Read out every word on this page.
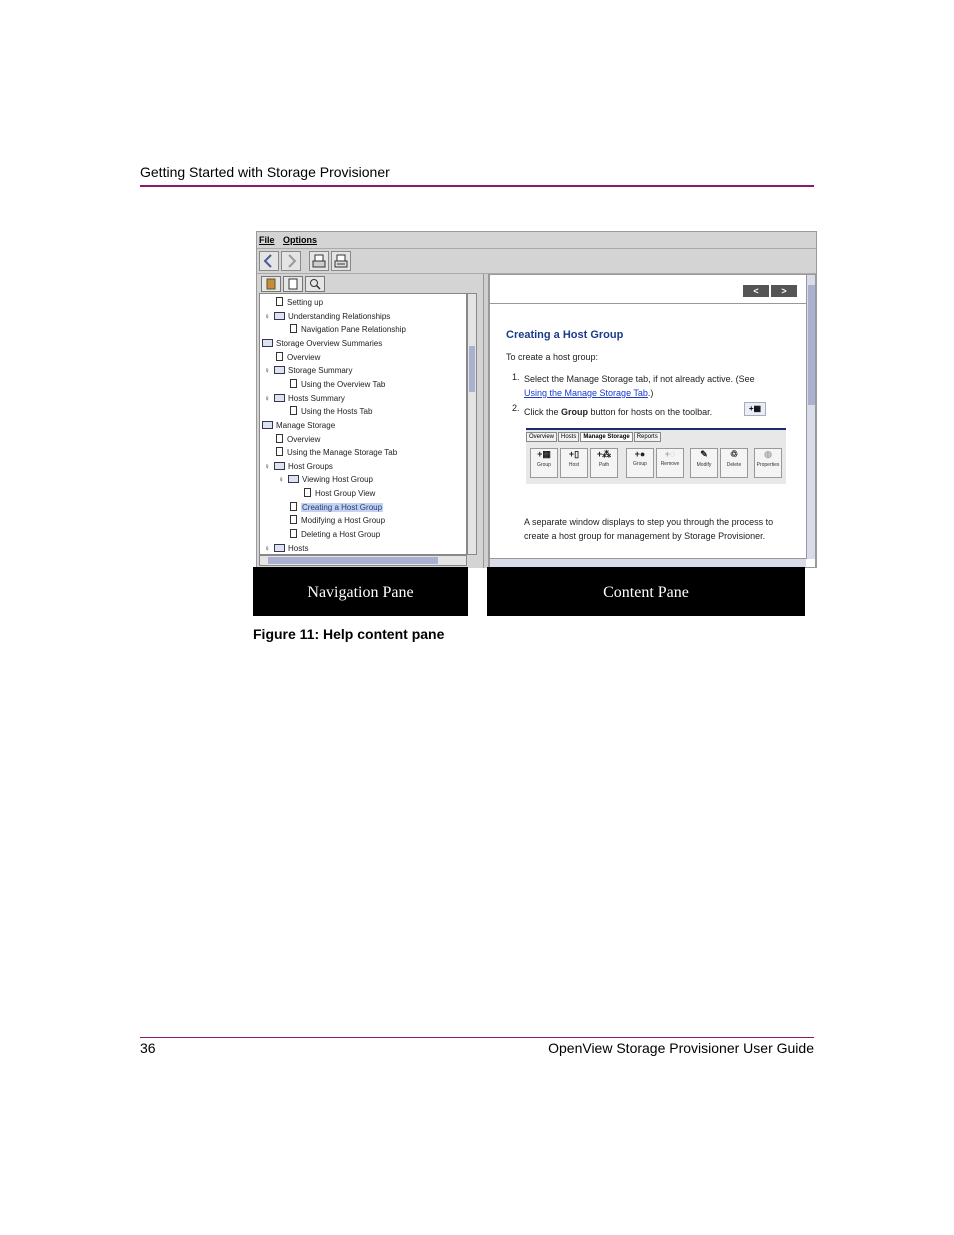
Getting Started with Storage Provisioner
File Options
Setting up
♀ Understanding Relationships
Navigation Pane Relationship
Storage Overview Summaries
Overview
♀ Storage Summary
Using the Overview Tab
♀ Hosts Summary
Using the Hosts Tab
Manage Storage
Overview
Using the Manage Storage Tab
♀ Host Groups
♀ Viewing Host Group
Host Group View
Creating a Host Group
Modifying a Host Group
Deleting a Host Group
♀ Hosts
<	>
Creating a Host Group
To create a host group:
1. Select the Manage Storage tab, if not already active. (See
Using the Manage Storage Tab.)
2. Click the Group button for hosts on the toolbar.	+▦
Overview Hosts Manage Storage Reports
+▦
Group
+▯
Host
+⁂
Path
+●
Group
+◌
Remove
✎
Modify
♲
Delete
◍
Properties
A separate window displays to step you through the process to create a host group for management by Storage Provisioner.
Navigation Pane	Content Pane
Figure 11: Help content pane
36	OpenView Storage Provisioner User Guide
